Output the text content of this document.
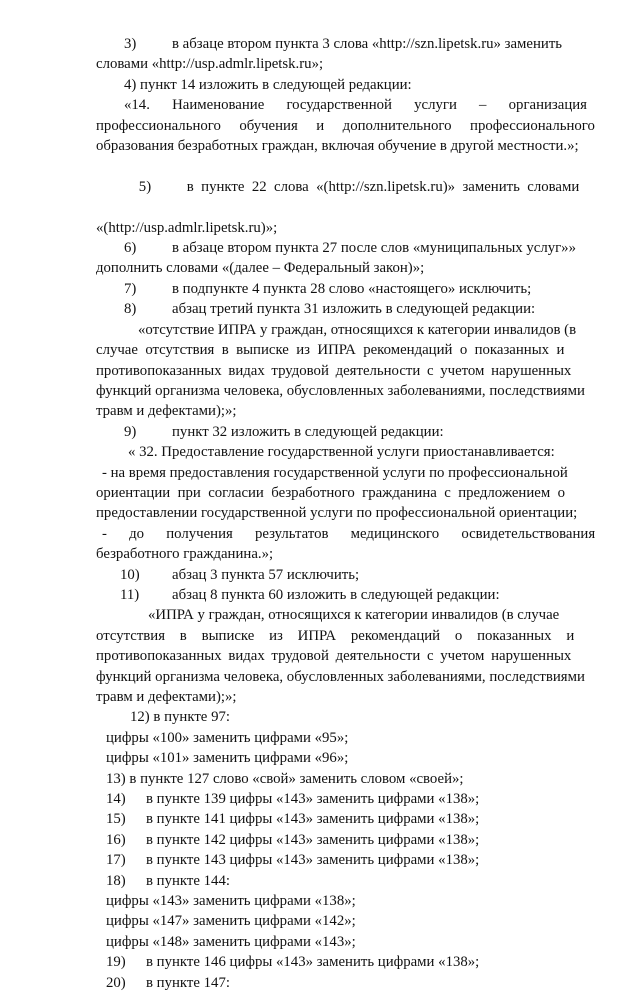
3) в абзаце втором пункта 3 слова «http://szn.lipetsk.ru» заменить

словами «http://usp.admlr.lipetsk.ru»;

4) пункт 14 изложить в следующей редакции:

«14.      Наименование      государственной      услуги      –      организация

профессионального     обучения     и     дополнительного     профессионального

образования безработных граждан, включая обучение в другой местности.»;

5) в  пункте  22  слова  «(http://szn.lipetsk.ru)»  заменить  словами

«(http://usp.admlr.lipetsk.ru)»;

6) в абзаце втором пункта 27 после слов «муниципальных услуг»»

дополнить словами «(далее – Федеральный закон)»;

7) в подпункте 4 пункта 28 слово «настоящего» исключить;

8) абзац третий пункта 31 изложить в следующей редакции:

«отсутствие ИПРА у граждан, относящихся к категории инвалидов (в

случае  отсутствия  в  выписке  из  ИПРА  рекомендаций  о  показанных  и

противопоказанных видах трудовой деятельности с учетом нарушенных

функций организма человека, обусловленных заболеваниями, последствиями

травм и дефектами);»;

9) пункт 32 изложить в следующей редакции:

« 32. Предоставление государственной услуги приостанавливается:

- на время предоставления государственной услуги по профессиональной

ориентации  при  согласии  безработного  гражданина  с  предложением  о

предоставлении государственной услуги по профессиональной ориентации;

-      до      получения      результатов      медицинского      освидетельствования

безработного гражданина.»;

10) абзац 3 пункта 57 исключить;

11) абзац 8 пункта 60 изложить в следующей редакции:

«ИПРА у граждан, относящихся к категории инвалидов (в случае

отсутствия    в    выписке    из    ИПРА    рекомендаций    о    показанных    и

противопоказанных видах трудовой деятельности с учетом нарушенных

функций организма человека, обусловленных заболеваниями, последствиями

травм и дефектами);»;

12) в пункте 97:

цифры «100» заменить цифрами «95»;

цифры «101» заменить цифрами «96»;

13) в пункте 127 слово «свой» заменить словом «своей»;

14) в пункте 139 цифры «143» заменить цифрами «138»;

15) в пункте 141 цифры «143» заменить цифрами «138»;

16) в пункте 142 цифры «143» заменить цифрами «138»;

17) в пункте 143 цифры «143» заменить цифрами «138»;

18) в пункте 144:

цифры «143» заменить цифрами «138»;

цифры «147» заменить цифрами «142»;

цифры «148» заменить цифрами «143»;

19) в пункте 146 цифры «143» заменить цифрами «138»;

20) в пункте 147:
